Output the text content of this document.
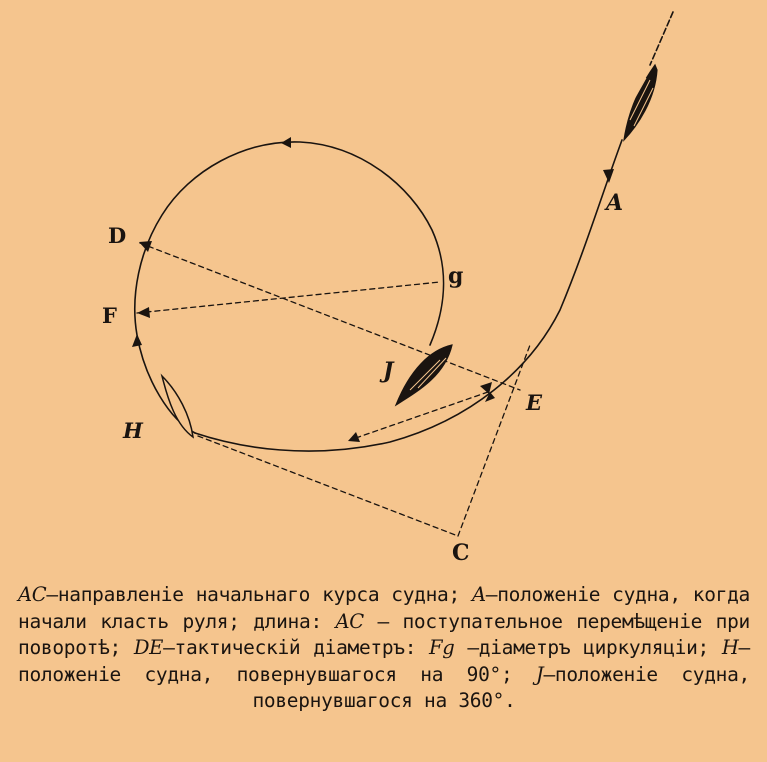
A
D
F
g
J
H
E
C
AC—направленіе начальнаго курса судна; A—положеніе судна, когда начали класть руля; длина: AC — поступательное перемѣщеніе при поворотѣ; DE—тактическій діаметръ: Fg –діаметръ циркуляціи; H—положеніе судна, повернувшагося на 90°; J—положеніе судна, повернувшагося на 360°.
